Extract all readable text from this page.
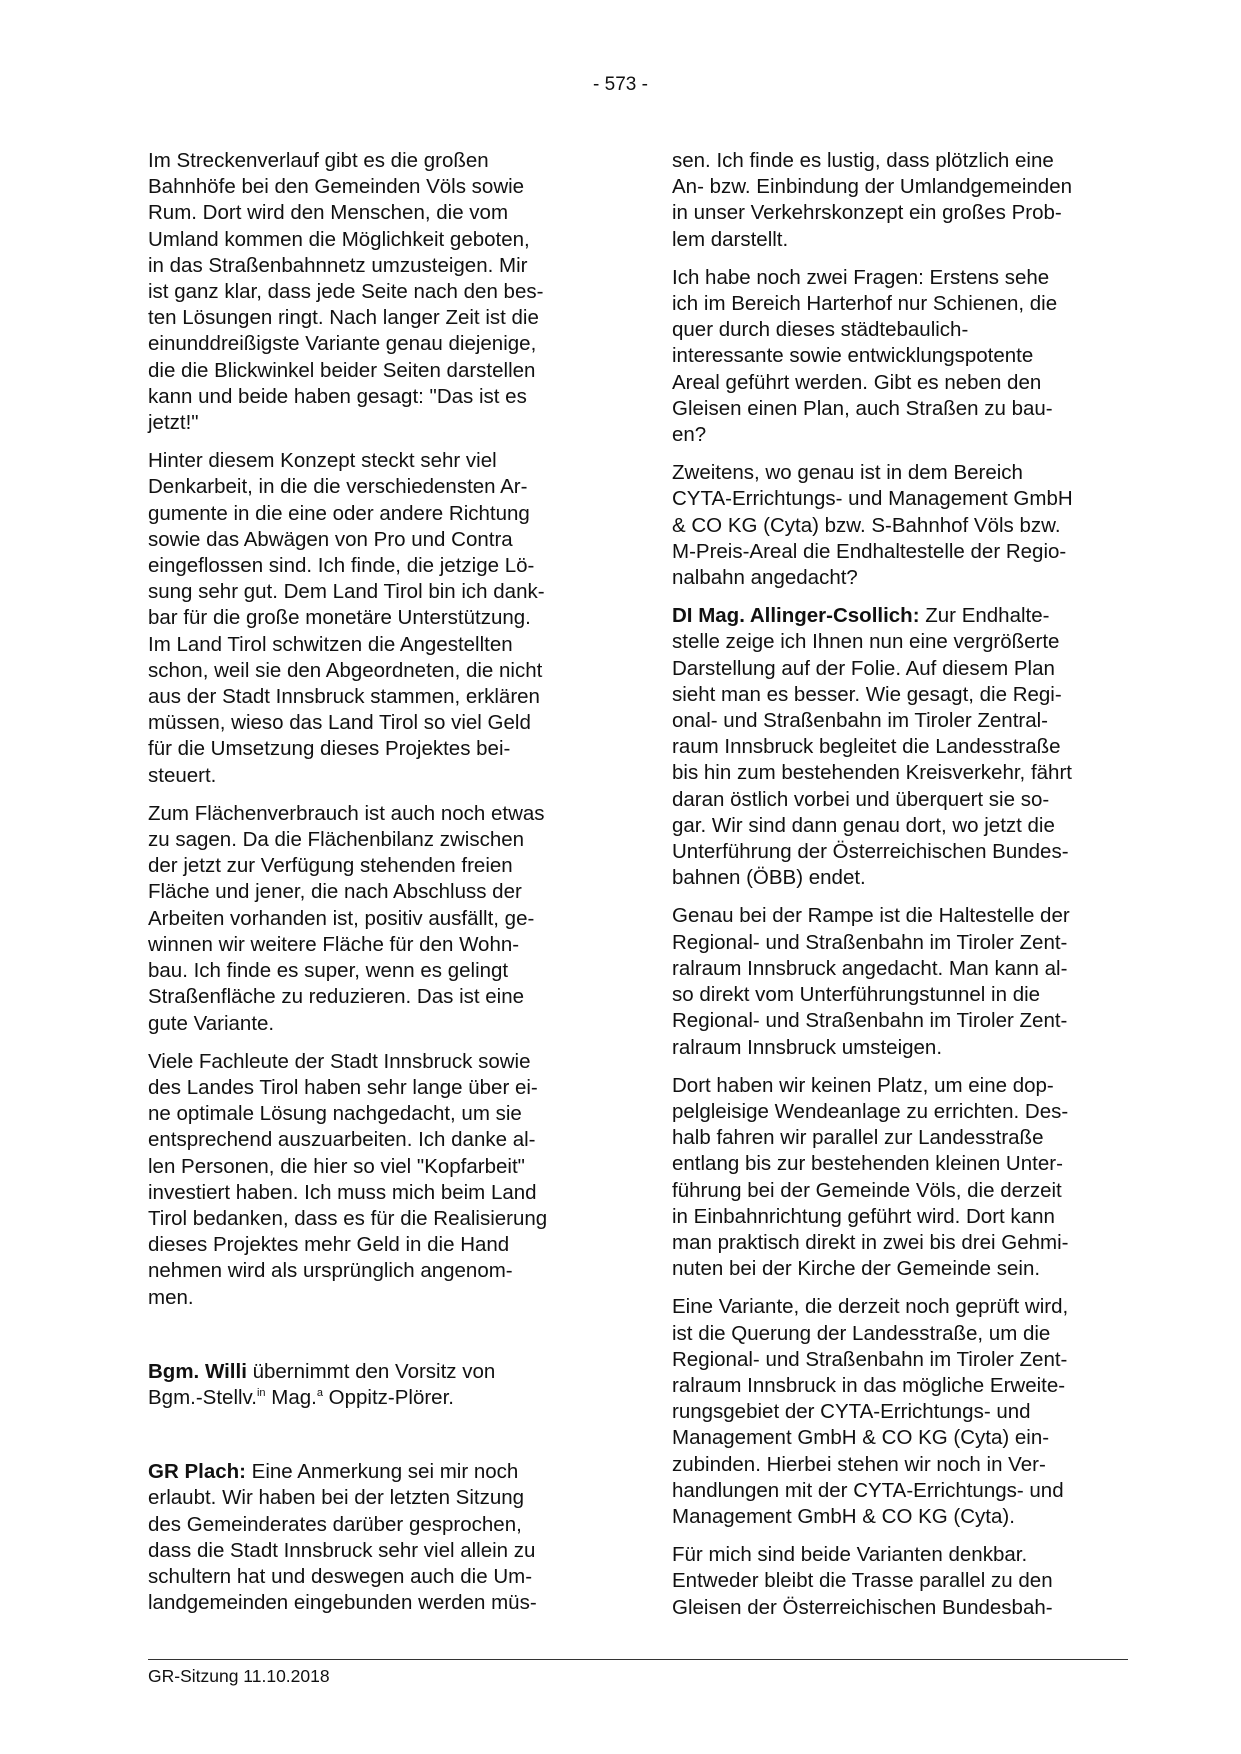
- 573 -

Im Streckenverlauf gibt es die großen
Bahnhöfe bei den Gemeinden Völs sowie
Rum. Dort wird den Menschen, die vom
Umland kommen die Möglichkeit geboten,
in das Straßenbahnnetz umzusteigen. Mir
ist ganz klar, dass jede Seite nach den bes-
ten Lösungen ringt. Nach langer Zeit ist die
einunddreißigste Variante genau diejenige,
die die Blickwinkel beider Seiten darstellen
kann und beide haben gesagt: "Das ist es
jetzt!"

Hinter diesem Konzept steckt sehr viel
Denkarbeit, in die die verschiedensten Ar-
gumente in die eine oder andere Richtung
sowie das Abwägen von Pro und Contra
eingeflossen sind. Ich finde, die jetzige Lö-
sung sehr gut. Dem Land Tirol bin ich dank-
bar für die große monetäre Unterstützung.
Im Land Tirol schwitzen die Angestellten
schon, weil sie den Abgeordneten, die nicht
aus der Stadt Innsbruck stammen, erklären
müssen, wieso das Land Tirol so viel Geld
für die Umsetzung dieses Projektes bei-
steuert.

Zum Flächenverbrauch ist auch noch etwas
zu sagen. Da die Flächenbilanz zwischen
der jetzt zur Verfügung stehenden freien
Fläche und jener, die nach Abschluss der
Arbeiten vorhanden ist, positiv ausfällt, ge-
winnen wir weitere Fläche für den Wohn-
bau. Ich finde es super, wenn es gelingt
Straßenfläche zu reduzieren. Das ist eine
gute Variante.

Viele Fachleute der Stadt Innsbruck sowie
des Landes Tirol haben sehr lange über ei-
ne optimale Lösung nachgedacht, um sie
entsprechend auszuarbeiten. Ich danke al-
len Personen, die hier so viel "Kopfarbeit"
investiert haben. Ich muss mich beim Land
Tirol bedanken, dass es für die Realisierung
dieses Projektes mehr Geld in die Hand
nehmen wird als ursprünglich angenom-
men.

Bgm. Willi übernimmt den Vorsitz von
Bgm.-Stellv.$^{in}$ Mag.$^a$ Oppitz-Plörer.

GR Plach: Eine Anmerkung sei mir noch
erlaubt. Wir haben bei der letzten Sitzung
des Gemeinderates darüber gesprochen,
dass die Stadt Innsbruck sehr viel allein zu
schultern hat und deswegen auch die Um-
landgemeinden eingebunden werden müs-

sen. Ich finde es lustig, dass plötzlich eine
An- bzw. Einbindung der Umlandgemeinden
in unser Verkehrskonzept ein großes Prob-
lem darstellt.

Ich habe noch zwei Fragen: Erstens sehe
ich im Bereich Harterhof nur Schienen, die
quer durch dieses städtebaulich-
interessante sowie entwicklungspotente
Areal geführt werden. Gibt es neben den
Gleisen einen Plan, auch Straßen zu bau-
en?

Zweitens, wo genau ist in dem Bereich
CYTA-Errichtungs- und Management GmbH
& CO KG (Cyta) bzw. S-Bahnhof Völs bzw.
M-Preis-Areal die Endhaltestelle der Regio-
nalbahn angedacht?

DI Mag. Allinger-Csollich: Zur Endhalte-
stelle zeige ich Ihnen nun eine vergrößerte
Darstellung auf der Folie. Auf diesem Plan
sieht man es besser. Wie gesagt, die Regi-
onal- und Straßenbahn im Tiroler Zentral-
raum Innsbruck begleitet die Landesstraße
bis hin zum bestehenden Kreisverkehr, fährt
daran östlich vorbei und überquert sie so-
gar. Wir sind dann genau dort, wo jetzt die
Unterführung der Österreichischen Bundes-
bahnen (ÖBB) endet.

Genau bei der Rampe ist die Haltestelle der
Regional- und Straßenbahn im Tiroler Zent-
ralraum Innsbruck angedacht. Man kann al-
so direkt vom Unterführungstunnel in die
Regional- und Straßenbahn im Tiroler Zent-
ralraum Innsbruck umsteigen.

Dort haben wir keinen Platz, um eine dop-
pelgleisige Wendeanlage zu errichten. Des-
halb fahren wir parallel zur Landesstraße
entlang bis zur bestehenden kleinen Unter-
führung bei der Gemeinde Völs, die derzeit
in Einbahnrichtung geführt wird. Dort kann
man praktisch direkt in zwei bis drei Gehmi-
nuten bei der Kirche der Gemeinde sein.

Eine Variante, die derzeit noch geprüft wird,
ist die Querung der Landesstraße, um die
Regional- und Straßenbahn im Tiroler Zent-
ralraum Innsbruck in das mögliche Erweite-
rungsgebiet der CYTA-Errichtungs- und
Management GmbH & CO KG (Cyta) ein-
zubinden. Hierbei stehen wir noch in Ver-
handlungen mit der CYTA-Errichtungs- und
Management GmbH & CO KG (Cyta).

Für mich sind beide Varianten denkbar.
Entweder bleibt die Trasse parallel zu den
Gleisen der Österreichischen Bundesbah-

GR-Sitzung 11.10.2018
